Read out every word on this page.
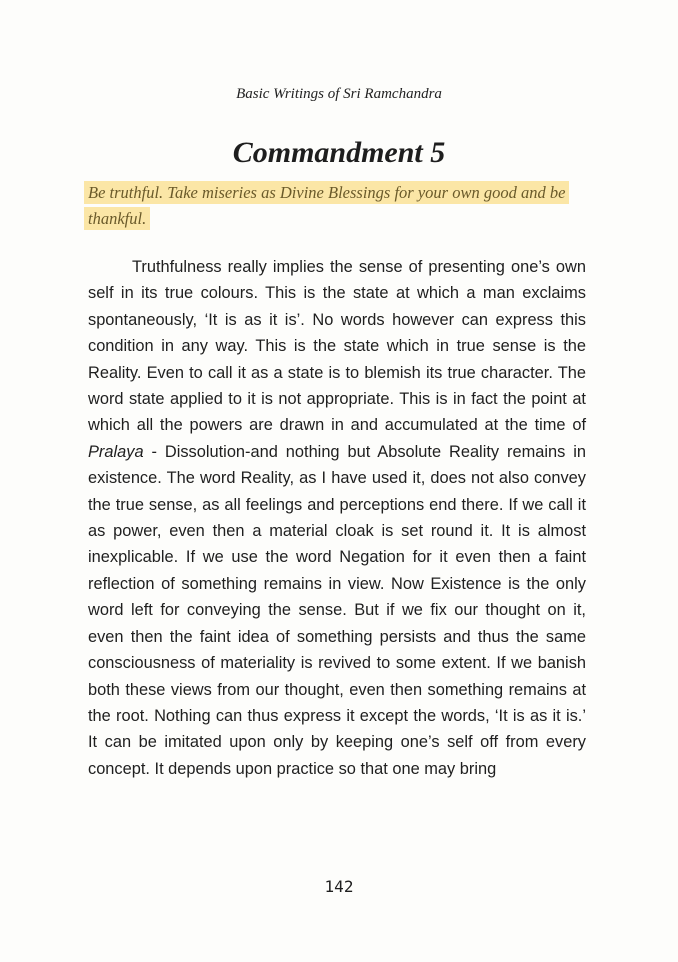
Basic Writings of Sri Ramchandra
Commandment 5
Be truthful. Take miseries as Divine Blessings for your own good and be thankful.

Truthfulness really implies the sense of presenting one’s own self in its true colours. This is the state at which a man exclaims spontaneously, ‘It is as it is’. No words however can express this condition in any way. This is the state which in true sense is the Reality. Even to call it as a state is to blemish its true character. The word state applied to it is not appropriate. This is in fact the point at which all the powers are drawn in and accumulated at the time of Pralaya - Dissolution-and nothing but Absolute Reality remains in existence. The word Reality, as I have used it, does not also convey the true sense, as all feelings and perceptions end there. If we call it as power, even then a material cloak is set round it. It is almost inexplicable. If we use the word Negation for it even then a faint reflection of something remains in view. Now Existence is the only word left for conveying the sense. But if we fix our thought on it, even then the faint idea of something persists and thus the same consciousness of materiality is revived to some extent. If we banish both these views from our thought, even then something remains at the root. Nothing can thus express it except the words, ‘It is as it is.’ It can be imitated upon only by keeping one’s self off from every concept. It depends upon practice so that one may bring

142
